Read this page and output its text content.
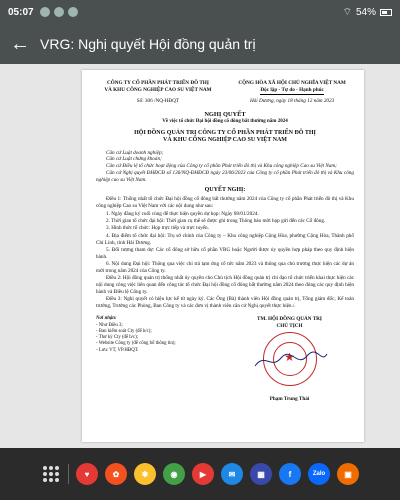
05:07	⌔ 54%
← VRG: Nghị quyết Hội đồng quản trị
CÔNG TY CỔ PHẦN PHÁT TRIỂN ĐÔ THỊ
VÀ KHU CÔNG NGHIỆP CAO SU VIỆT NAM
CỘNG HÒA XÃ HỘI CHỦ NGHĨA VIỆT NAM
Độc lập - Tự do - Hạnh phúc
Số: 306 /NQ-HĐQT	Hải Dương, ngày 18 tháng 12 năm 2023
NGHỊ QUYẾT
Về việc tổ chức Đại hội đồng cổ đông bất thường năm 2024
HỘI ĐỒNG QUẢN TRỊ CÔNG TY CỔ PHẦN PHÁT TRIỂN ĐÔ THỊ
VÀ KHU CÔNG NGHIỆP CAO SU VIỆT NAM

Căn cứ Luật doanh nghiệp;

Căn cứ Luật chứng khoán;

Căn cứ Điều lệ tổ chức hoạt động của Công ty cổ phần Phát triển đô thị và Khu công nghiệp Cao su Việt Nam;

Căn cứ Nghị quyết ĐHĐCĐ số 136/NQ-ĐHĐCĐ ngày 23/06/2023 của Công ty cổ phần Phát triển đô thị và Khu công nghiệp cao su Việt Nam.

QUYẾT NGHỊ:

Điều 1: Thống nhất tổ chức Đại hội đồng cổ đông bất thường năm 2024 của Công ty cổ phần Phát triển đô thị và Khu công nghiệp Cao su Việt Nam với các nội dung như sau:

1. Ngày đăng ký cuối cùng để thực hiện quyền dự họp: Ngày 08/01/2024.

2. Thời gian tổ chức đại hội: Thời gian cụ thể sẽ được ghi trong Thông báo mời họp gửi đến các Cổ đông.

3. Hình thức tổ chức: Họp trực tiếp và trực tuyến.

4. Địa điểm tổ chức đại hội: Trụ sở chính của Công ty – Khu công nghiệp Cộng Hòa, phường Cộng Hòa, Thành phố Chí Linh, tỉnh Hải Dương.

5. Đối tượng tham dự: Các cổ đông sở hữu cổ phần VRG hoặc Người được ủy quyền hợp pháp theo quy định hiện hành.

6. Nội dung Đại hội: Thông qua việc chi trả tạm ứng cổ tức năm 2023 và thông qua chủ trương thực hiện các dự án mới trong năm 2024 của Công ty.

Điều 2: Hội đồng quản trị thống nhất ủy quyền cho Chủ tịch Hội đồng quản trị chỉ đạo tổ chức triển khai thực hiện các nội dung công việc liên quan đến công tác tổ chức Đại hội đồng cổ đông bất thường năm 2024 theo đúng các quy định hiện hành và Điều lệ Công ty.

Điều 3: Nghị quyết có hiệu lực kể từ ngày ký. Các Ông (Bà) thành viên Hội đồng quản trị, Tổng giám đốc, Kế toán trưởng, Trưởng các Phòng, Ban Công ty và các đơn vị thành viên căn cứ Nghị quyết thực hiện./.

Nơi nhận:
- Như Điều 3;
- Ban kiểm soát Cty (để b/c);
- Thư ký Cty (để b/c);
- Website Công ty (để công bố thông tin);
- Lưu: VT, VP.HĐQT.
TM. HỘI ĐỒNG QUẢN TRỊ
CHỦ TỊCH
★
Phạm Trung Thái
♥	✿	✱	◉	▶	✉	▦	f	Zalo	▣
